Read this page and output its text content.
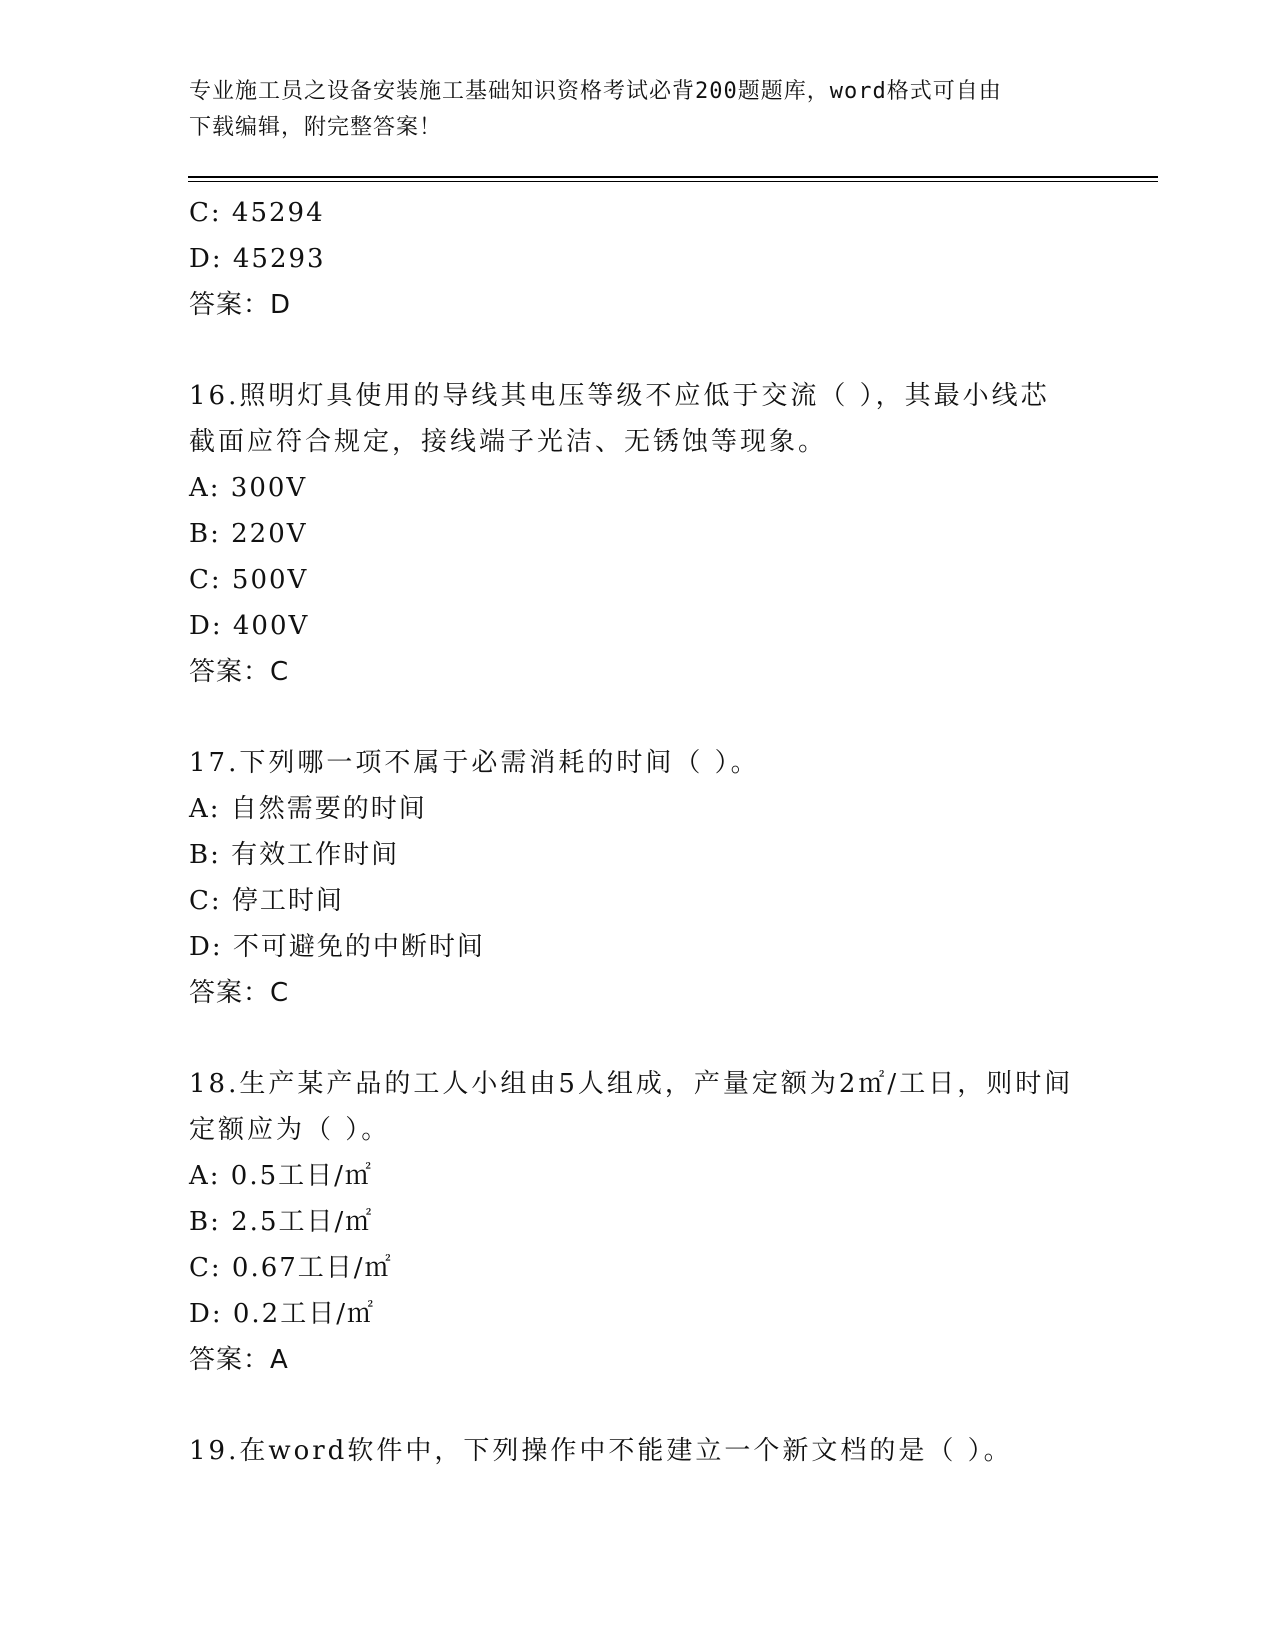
专业施工员之设备安装施工基础知识资格考试必背200题题库，word格式可自由
下载编辑，附完整答案！
C: 45294
D: 45293
答案：D
16.照明灯具使用的导线其电压等级不应低于交流（ ），其最小线芯
截面应符合规定，接线端子光洁、无锈蚀等现象。
A: 300V
B: 220V
C: 500V
D: 400V
答案：C
17.下列哪一项不属于必需消耗的时间（ ）。
A: 自然需要的时间
B: 有效工作时间
C: 停工时间
D: 不可避免的中断时间
答案：C
18.生产某产品的工人小组由5人组成，产量定额为2㎡/工日，则时间
定额应为（ ）。
A: 0.5工日/㎡
B: 2.5工日/㎡
C: 0.67工日/㎡
D: 0.2工日/㎡
答案：A
19.在word软件中，下列操作中不能建立一个新文档的是（ ）。
